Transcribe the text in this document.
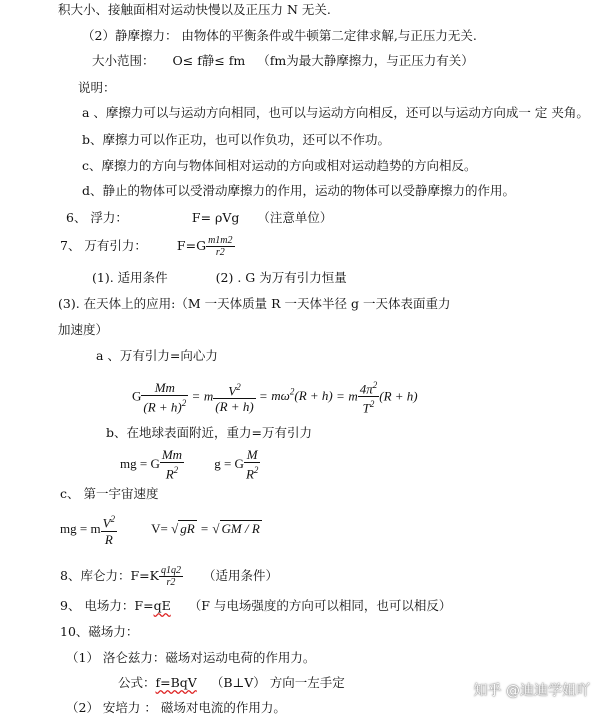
积大小、接触面相对运动快慢以及正压力 N 无关.
（2）静摩擦力： 由物体的平衡条件或牛顿第二定律求解,与正压力无关.
大小范围： O≤ f静≤ fm （fm为最大静摩擦力，与正压力有关）
说明：
a 、摩擦力可以与运动方向相同，也可以与运动方向相反，还可以与运动方向成一 定 夹角。
b、摩擦力可以作正功，也可以作负功，还可以不作功。
c、摩擦力的方向与物体间相对运动的方向或相对运动趋势的方向相反。
d、静止的物体可以受滑动摩擦力的作用，运动的物体可以受静摩擦力的作用。
6、 浮力：	F= ρVg （注意单位）
7、 万有引力： $F=G \frac{m1m2}{r2}$
(1). 适用条件	(2) . G 为万有引力恒量
(3). 在天体上的应用:（M 一天体质量 R 一天体半径 g 一天体表面重力
加速度）
a 、万有引力=向心力
G $\frac{Mm}{(R + h)^2} = m \frac{V^2}{(R + h)} = m\omega^2(R + h) = m \frac{4\pi^2}{T^2} (R + h)$
b、在地球表面附近，重力=万有引力
mg = G $\frac{Mm}{R^2}$ g = G $\frac{M}{R^2}$
c、 第一宇宙速度
mg = m $\frac{V^2}{R}$	V= √ gR = √ GM / R
8、库仑力：$F=K \frac{q1q2}{r2}$ （适用条件）
9、 电场力：F=qE （F 与电场强度的方向可以相同，也可以相反）
10、磁场力：
（1） 洛仑兹力：磁场对运动电荷的作用力。
公式：f=BqV （B⊥V） 方向一左手定
（2） 安培力 ： 磁场对电流的作用力。
知乎 @迪迪学姐吖
